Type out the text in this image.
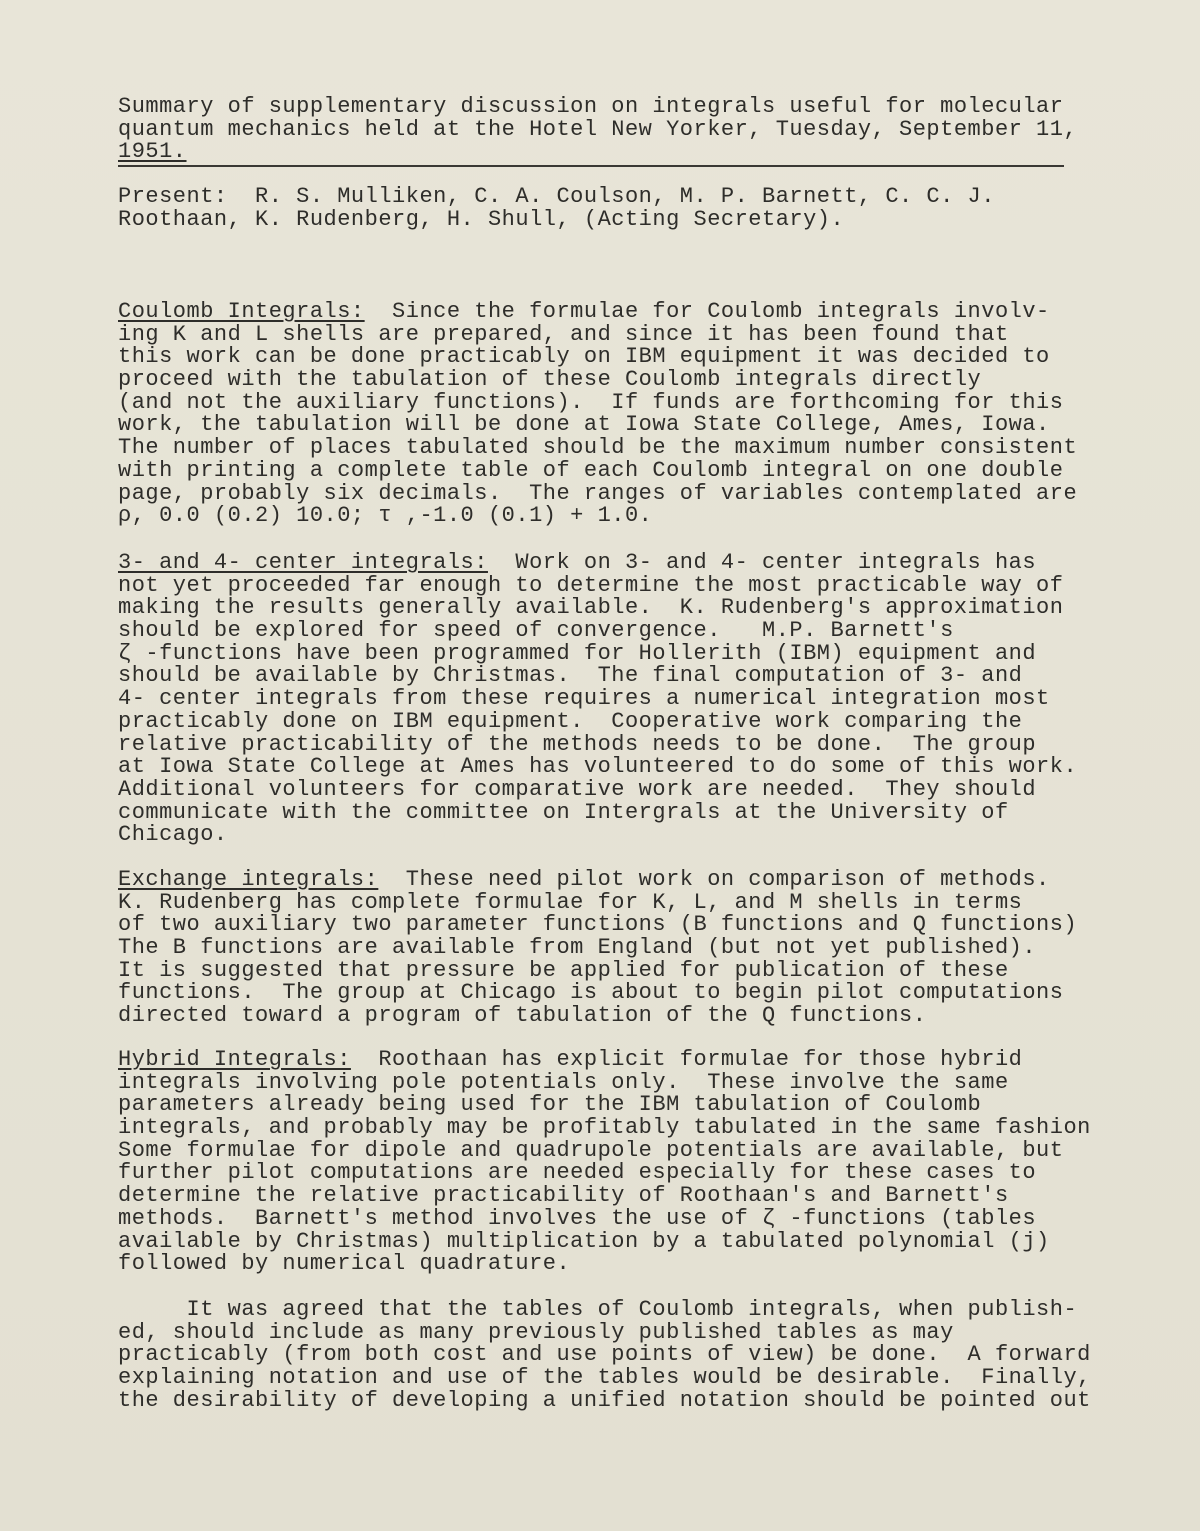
Summary of supplementary discussion on integrals useful for molecular
quantum mechanics held at the Hotel New Yorker, Tuesday, September 11,
1951.
Present:  R. S. Mulliken, C. A. Coulson, M. P. Barnett, C. C. J.
Roothaan, K. Rudenberg, H. Shull, (Acting Secretary).
Coulomb Integrals:  Since the formulae for Coulomb integrals involv-
ing K and L shells are prepared, and since it has been found that
this work can be done practicably on IBM equipment it was decided to
proceed with the tabulation of these Coulomb integrals directly
(and not the auxiliary functions).  If funds are forthcoming for this
work, the tabulation will be done at Iowa State College, Ames, Iowa.
The number of places tabulated should be the maximum number consistent
with printing a complete table of each Coulomb integral on one double
page, probably six decimals.  The ranges of variables contemplated are
ρ, 0.0 (0.2) 10.0; τ ,-1.0 (0.1) + 1.0.
3- and 4- center integrals:  Work on 3- and 4- center integrals has
not yet proceeded far enough to determine the most practicable way of
making the results generally available.  K. Rudenberg's approximation
should be explored for speed of convergence.   M.P. Barnett's
ζ -functions have been programmed for Hollerith (IBM) equipment and
should be available by Christmas.  The final computation of 3- and
4- center integrals from these requires a numerical integration most
practicably done on IBM equipment.  Cooperative work comparing the
relative practicability of the methods needs to be done.  The group
at Iowa State College at Ames has volunteered to do some of this work.
Additional volunteers for comparative work are needed.  They should
communicate with the committee on Intergrals at the University of
Chicago.
Exchange integrals:  These need pilot work on comparison of methods.
K. Rudenberg has complete formulae for K, L, and M shells in terms
of two auxiliary two parameter functions (B functions and Q functions)
The B functions are available from England (but not yet published).
It is suggested that pressure be applied for publication of these
functions.  The group at Chicago is about to begin pilot computations
directed toward a program of tabulation of the Q functions.
Hybrid Integrals:  Roothaan has explicit formulae for those hybrid
integrals involving pole potentials only.  These involve the same
parameters already being used for the IBM tabulation of Coulomb
integrals, and probably may be profitably tabulated in the same fashion
Some formulae for dipole and quadrupole potentials are available, but
further pilot computations are needed especially for these cases to
determine the relative practicability of Roothaan's and Barnett's
methods.  Barnett's method involves the use of ζ -functions (tables
available by Christmas) multiplication by a tabulated polynomial (j)
followed by numerical quadrature.
It was agreed that the tables of Coulomb integrals, when publish-
ed, should include as many previously published tables as may
practicably (from both cost and use points of view) be done.  A forward
explaining notation and use of the tables would be desirable.  Finally,
the desirability of developing a unified notation should be pointed out
